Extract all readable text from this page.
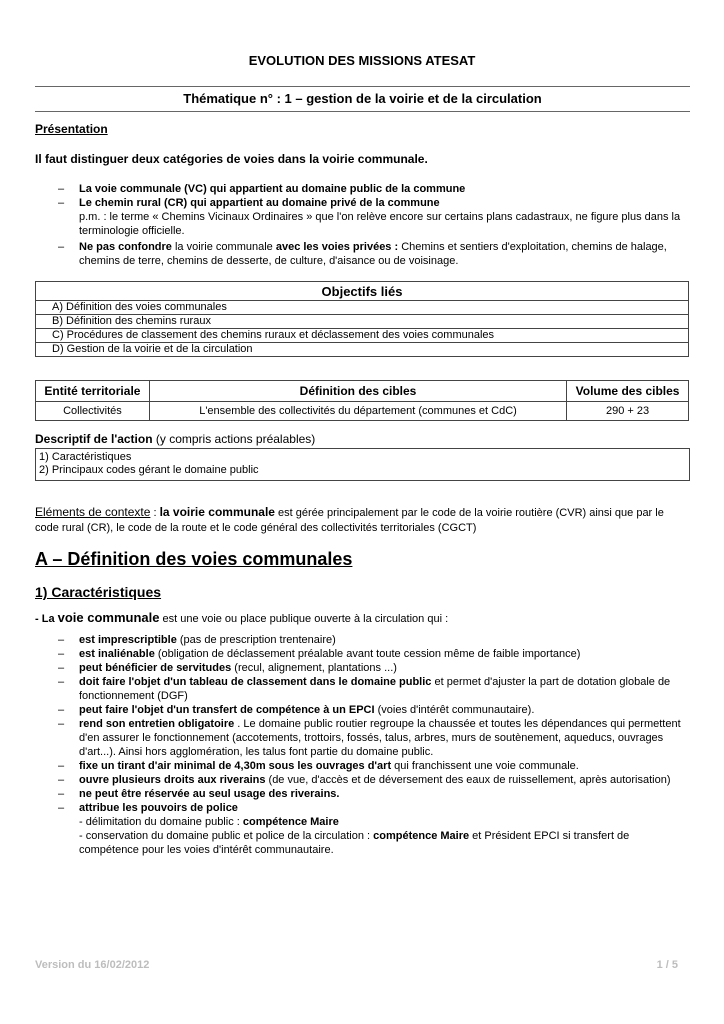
EVOLUTION DES MISSIONS ATESAT
Thématique n° : 1 – gestion de la voirie et de la circulation
Présentation
Il faut distinguer deux catégories de voies dans la voirie communale.
– La voie communale (VC) qui appartient au domaine public de la commune
– Le chemin rural (CR) qui appartient au domaine privé de la commune
p.m. : le terme « Chemins Vicinaux Ordinaires » que l'on relève encore sur certains plans cadastraux, ne figure plus dans la terminologie officielle.
– Ne pas confondre la voirie communale avec les voies privées : Chemins et sentiers d'exploitation, chemins de halage, chemins de terre, chemins de desserte, de culture, d'aisance ou de voisinage.
Objectifs liés
A) Définition des voies communales
B) Définition des chemins ruraux
C) Procédures de classement des chemins ruraux et déclassement des voies communales
D) Gestion de la voirie et de la circulation
Entité territoriale	Définition des cibles	Volume des cibles
Collectivités	L'ensemble des collectivités du département (communes et CdC)	290 + 23
Descriptif de l'action (y compris actions préalables)
1) Caractéristiques
2) Principaux codes gérant le domaine public
Eléments de contexte : la voirie communale est gérée principalement par le code de la voirie routière (CVR) ainsi que par le code rural (CR), le code de la route et le code général des collectivités territoriales (CGCT)
A – Définition des voies communales
1) Caractéristiques
- La voie communale est une voie ou place publique ouverte à la circulation qui :
– est imprescriptible (pas de prescription trentenaire)
– est inaliénable (obligation de déclassement préalable avant toute cession même de faible importance)
– peut bénéficier de servitudes (recul, alignement, plantations ...)
– doit faire l'objet d'un tableau de classement dans le domaine public et permet d'ajuster la part de dotation globale de fonctionnement (DGF)
– peut faire l'objet d'un transfert de compétence à un EPCI (voies d'intérêt communautaire).
– rend son entretien obligatoire . Le domaine public routier regroupe la chaussée et toutes les dépendances qui permettent d'en assurer le fonctionnement (accotements, trottoirs, fossés, talus, arbres, murs de soutènement, aqueducs, ouvrages d'art...). Ainsi hors agglomération, les talus font partie du domaine public.
– fixe un tirant d'air minimal de 4,30m sous les ouvrages d'art qui franchissent une voie communale.
– ouvre plusieurs droits aux riverains (de vue, d'accès et de déversement des eaux de ruissellement, après autorisation)
– ne peut être réservée au seul usage des riverains.
– attribue les pouvoirs de police
- délimitation du domaine public : compétence Maire
- conservation du domaine public et police de la circulation : compétence Maire et Président EPCI si transfert de compétence pour les voies d'intérêt communautaire.
Version du 16/02/2012	1 / 5
